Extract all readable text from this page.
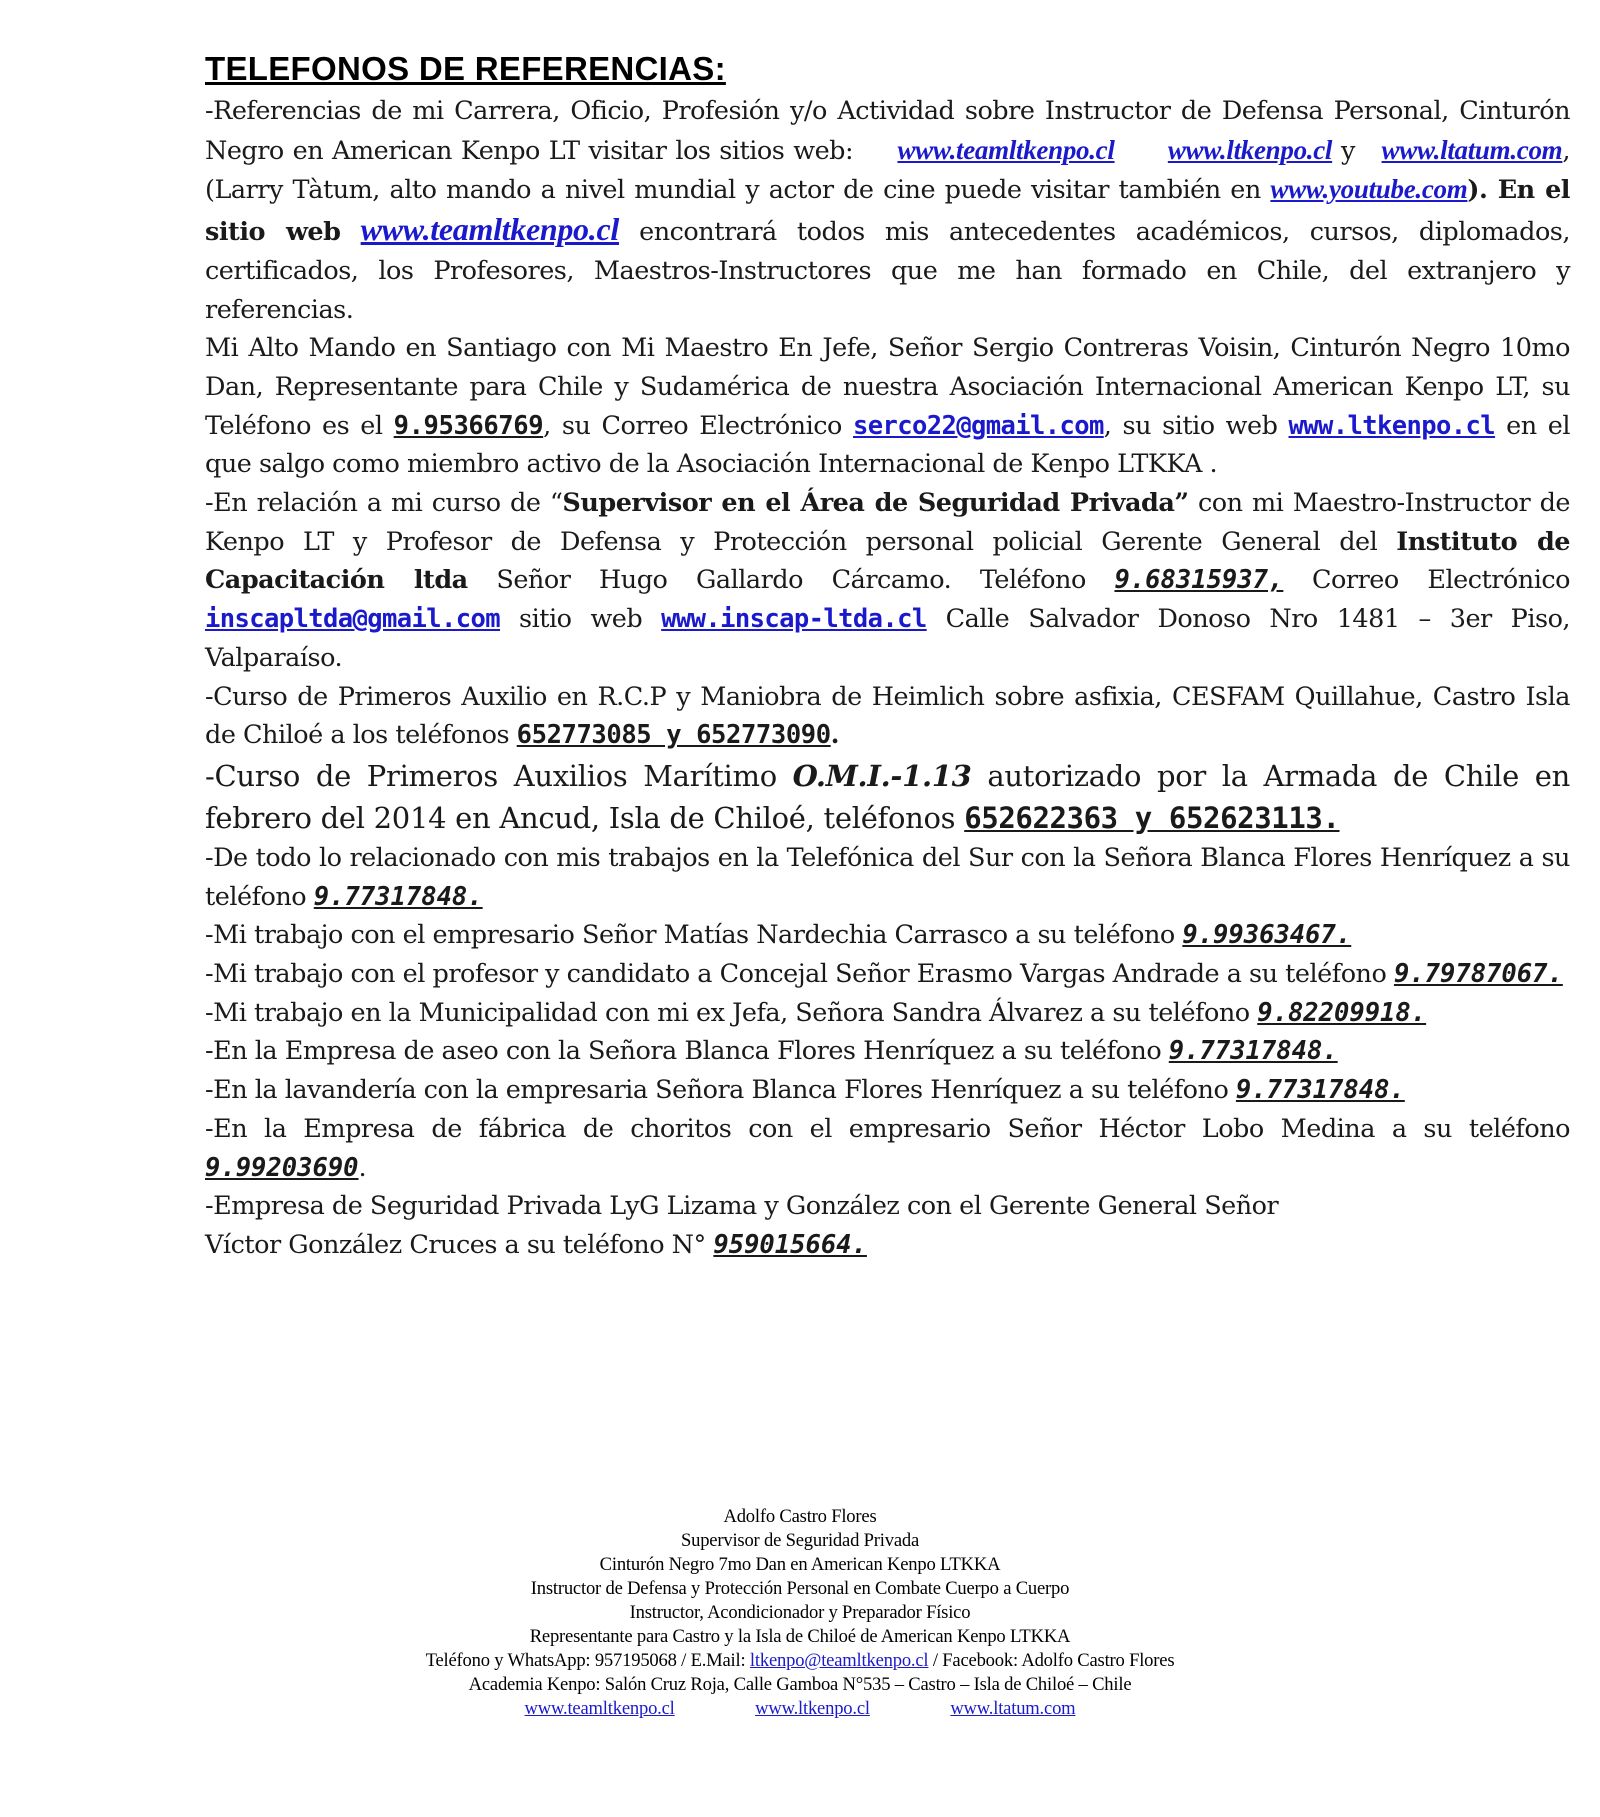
TELEFONOS DE REFERENCIAS:

-Referencias de mi Carrera, Oficio, Profesión y/o Actividad sobre Instructor de Defensa Personal, Cinturón Negro en American Kenpo LT visitar los sitios web: www.teamltkenpo.cl www.ltkenpo.cl y www.ltatum.com, (Larry Tàtum, alto mando a nivel mundial y actor de cine puede visitar también en www.youtube.com). En el sitio web www.teamltkenpo.cl encontrará todos mis antecedentes académicos, cursos, diplomados, certificados, los Profesores, Maestros-Instructores que me han formado en Chile, del extranjero y referencias.

Mi Alto Mando en Santiago con Mi Maestro En Jefe, Señor Sergio Contreras Voisin, Cinturón Negro 10mo Dan, Representante para Chile y Sudamérica de nuestra Asociación Internacional American Kenpo LT, su Teléfono es el 9.95366769, su Correo Electrónico serco22@gmail.com, su sitio web www.ltkenpo.cl en el que salgo como miembro activo de la Asociación Internacional de Kenpo LTKKA .

-En relación a mi curso de “Supervisor en el Área de Seguridad Privada” con mi Maestro-Instructor de Kenpo LT y Profesor de Defensa y Protección personal policial Gerente General del Instituto de Capacitación ltda Señor Hugo Gallardo Cárcamo. Teléfono 9.68315937, Correo Electrónico inscapltda@gmail.com sitio web www.inscap-ltda.cl Calle Salvador Donoso Nro 1481 – 3er Piso, Valparaíso.

-Curso de Primeros Auxilio en R.C.P y Maniobra de Heimlich sobre asfixia, CESFAM Quillahue, Castro Isla de Chiloé a los teléfonos 652773085 y 652773090.

-Curso de Primeros Auxilios Marítimo O.M.I.-1.13 autorizado por la Armada de Chile en febrero del 2014 en Ancud, Isla de Chiloé, teléfonos 652622363 y 652623113.

-De todo lo relacionado con mis trabajos en la Telefónica del Sur con la Señora Blanca Flores Henríquez a su teléfono 9.77317848.

-Mi trabajo con el empresario Señor Matías Nardechia Carrasco a su teléfono 9.99363467.

-Mi trabajo con el profesor y candidato a Concejal Señor Erasmo Vargas Andrade a su teléfono 9.79787067.

-Mi trabajo en la Municipalidad con mi ex Jefa, Señora Sandra Álvarez a su teléfono 9.82209918.

-En la Empresa de aseo con la Señora Blanca Flores Henríquez a su teléfono 9.77317848.

-En la lavandería con la empresaria Señora Blanca Flores Henríquez a su teléfono 9.77317848.

-En la Empresa de fábrica de choritos con el empresario Señor Héctor Lobo Medina a su teléfono 9.99203690.

-Empresa de Seguridad Privada LyG Lizama y González con el Gerente General Señor
Víctor González Cruces a su teléfono N° 959015664.

Adolfo Castro Flores

Supervisor de Seguridad Privada

Cinturón Negro 7mo Dan en American Kenpo LTKKA

Instructor de Defensa y Protección Personal en Combate Cuerpo a Cuerpo

Instructor, Acondicionador y Preparador Físico

Representante para Castro y la Isla de Chiloé de American Kenpo LTKKA

Teléfono y WhatsApp: 957195068 / E.Mail: ltkenpo@teamltkenpo.cl / Facebook: Adolfo Castro Flores

Academia Kenpo: Salón Cruz Roja, Calle Gamboa N°535 – Castro – Isla de Chiloé – Chile

www.teamltkenpo.cl	www.ltkenpo.cl	www.ltatum.com
